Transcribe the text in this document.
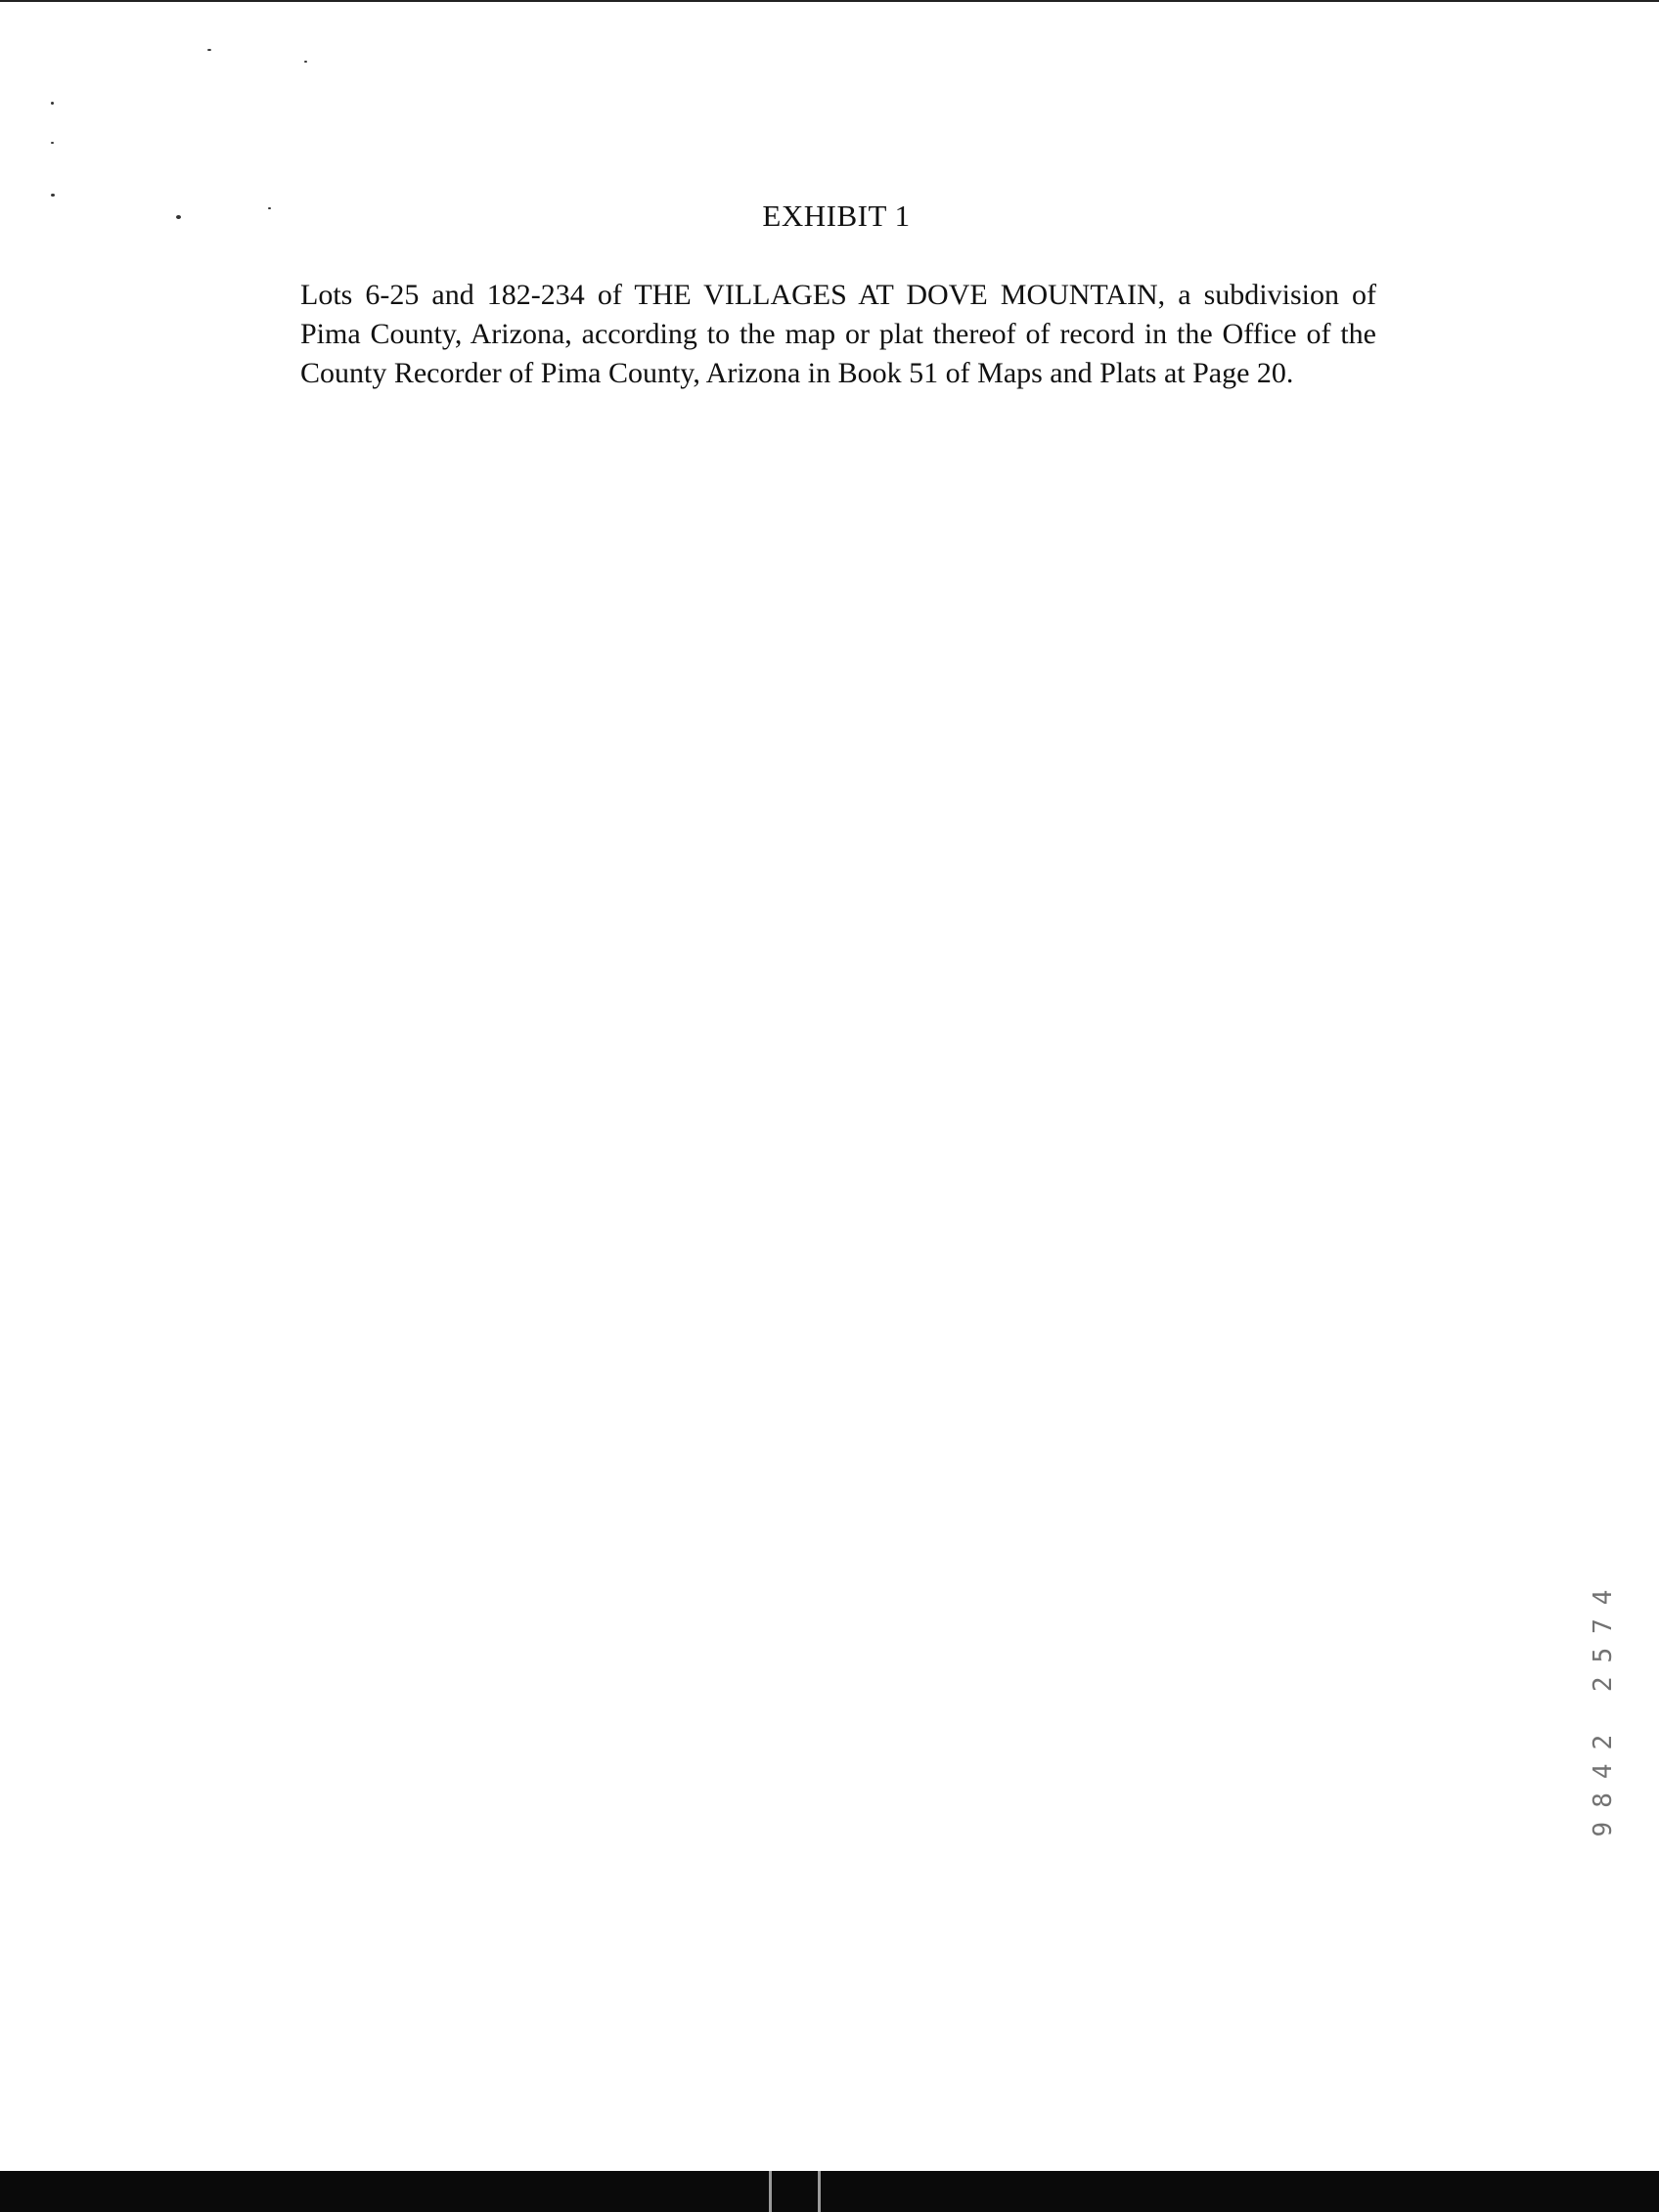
EXHIBIT 1
Lots 6-25 and 182-234 of THE VILLAGES AT DOVE MOUNTAIN, a subdivision of Pima County, Arizona, according to the map or plat thereof of record in the Office of the County Recorder of Pima County, Arizona in Book 51 of Maps and Plats at Page 20.
9842 2574
